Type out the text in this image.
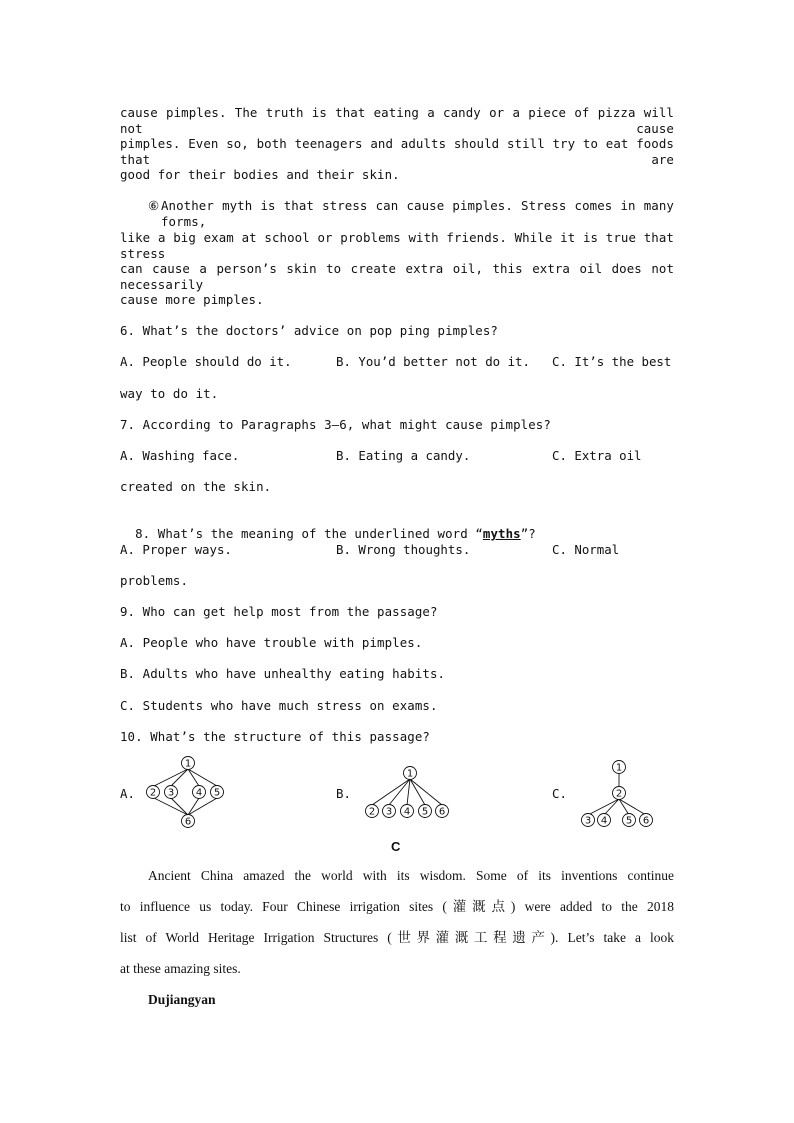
cause pimples. The truth is that eating a candy or a piece of pizza will not cause
pimples. Even so, both teenagers and adults should still try to eat foods that are
good for their bodies and their skin.
⑥ Another myth is that stress can cause pimples. Stress comes in many forms,
like a big exam at school or problems with friends. While it is true that stress
can cause a person’s skin to create extra oil, this extra oil does not necessarily
cause more pimples.
6. What’s the doctors’ advice on pop ping pimples?
A. People should do it.	B. You’d better not do it. C. It’s the best
way to do it.
7. According to Paragraphs 3—6, what might cause pimples?
A. Washing face.	B. Eating a candy.	C. Extra oil
created on the skin.

8. What’s the meaning of the underlined word “myths”?

A. Proper ways.	B. Wrong thoughts.	C. Normal
problems.
9. Who can get help most from the passage?
A. People who have trouble with pimples.
B. Adults who have unhealthy eating habits.
C. Students who have much stress on exams.
10. What’s the structure of this passage?
A.
1
2 3 4 5
6
B.
1
2 3 4 5 6
C.
1
2
3 4 5 6
C
Ancient China amazed the world with its wisdom. Some of its inventions continue
to influence us today. Four Chinese irrigation sites (灌溉点) were added to the 2018
list of World Heritage Irrigation Structures (世界灌溉工程遗产). Let’s take a look
at these amazing sites.
Dujiangyan
